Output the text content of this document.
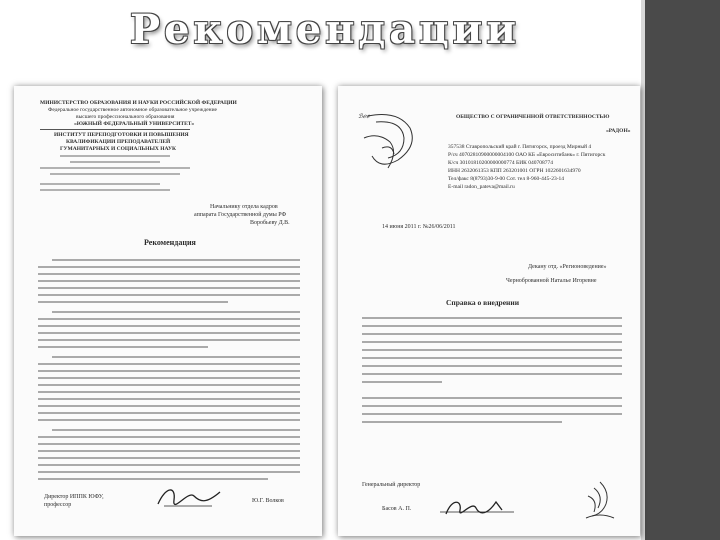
Рекомендации
МИНИСТЕРСТВО ОБРАЗОВАНИЯ И НАУКИ РОССИЙСКОЙ ФЕДЕРАЦИИ
Федеральное государственное автономное образовательное учреждение
высшего профессионального образования
«ЮЖНЫЙ ФЕДЕРАЛЬНЫЙ УНИВЕРСИТЕТ»
ИНСТИТУТ ПЕРЕПОДГОТОВКИ И ПОВЫШЕНИЯ
КВАЛИФИКАЦИИ ПРЕПОДАВАТЕЛЕЙ
ГУМАНИТАРНЫХ И СОЦИАЛЬНЫХ НАУК
Начальнику отдела кадров
аппарата Государственной думы РФ
Воробьеву Д.В.
Рекомендация
Директор ИППК ЮФУ,
профессор
Ю.Г. Волков
ℬℯℯ	ОБЩЕСТВО С ОГРАНИЧЕННОЙ ОТВЕТСТВЕННОСТЬЮ
«РАДОН»
357538 Ставропольский край г. Пятигорск, проезд Мирный 4
Р/сч 40702810900000004100 ОАО КБ «Евроситибанк» г. Пятигорск
К/сч 30101810200000000774 БИК 040708774
ИНН 2632061353 КПП 263201001 ОГРН 1022601634970
Тел/факс 8(8793)30-9-00 Сот. тел 8-960-445-23-14
E-mail radon_pateva@mail.ru
14 июня 2011 г. №26/06/2011
Декану отд. «Регионоведение»
Черноброванной Наталье Игоревне
Справка о внедрении
Генеральный директор
Басов А. П.
